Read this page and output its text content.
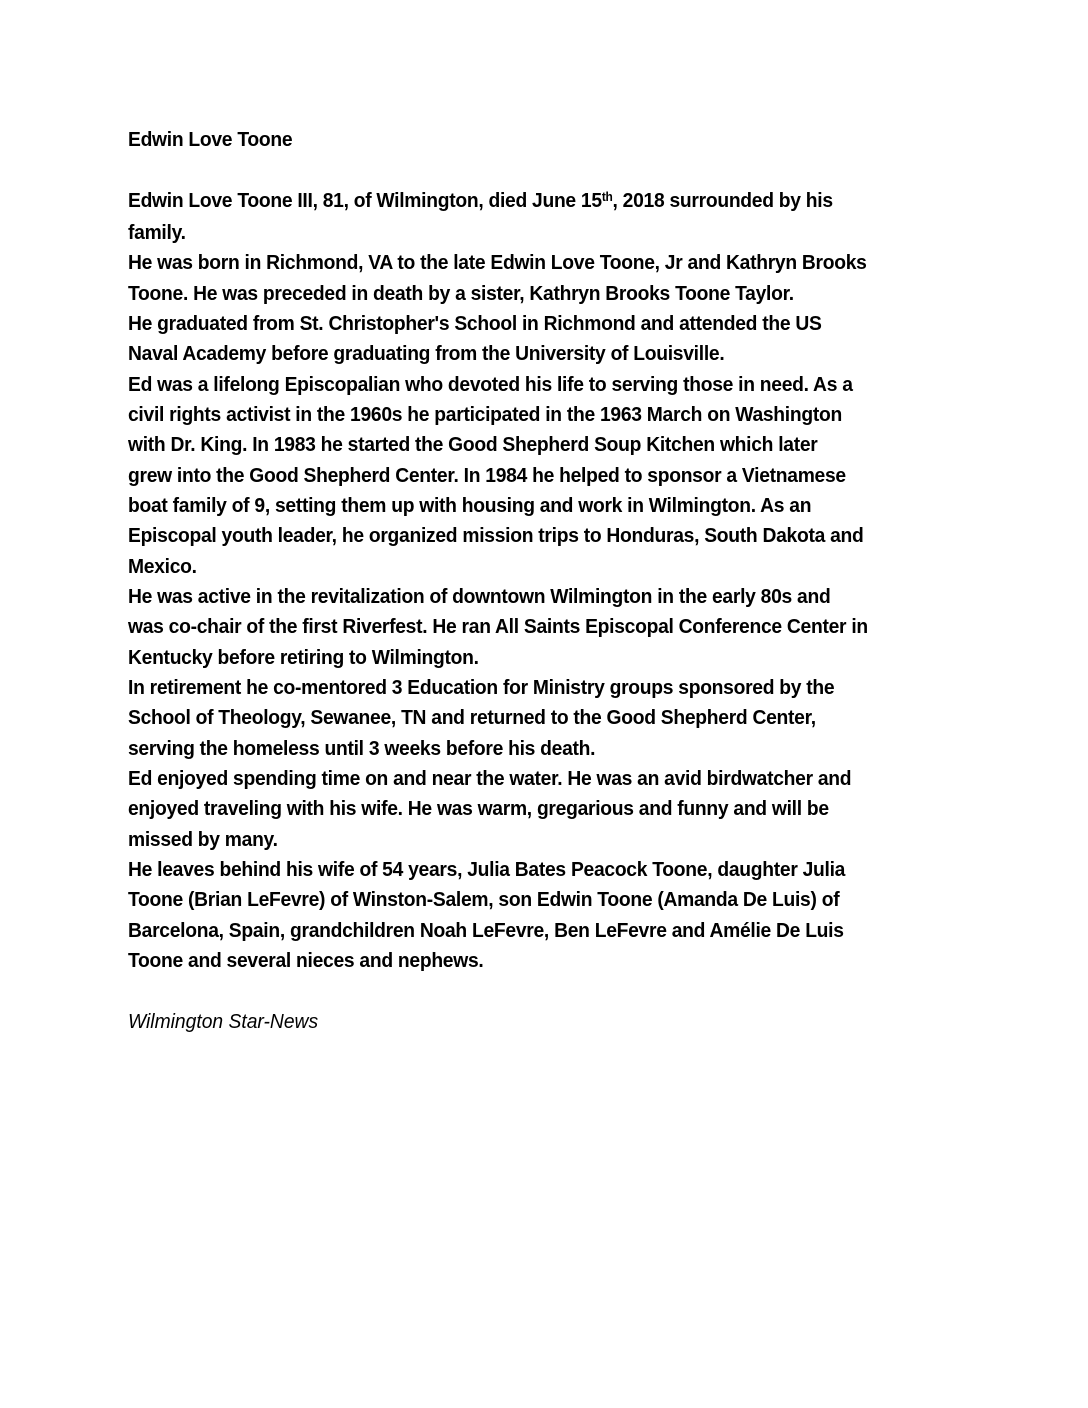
Edwin Love Toone
Edwin Love Toone III, 81, of Wilmington, died June 15th, 2018 surrounded by his
family.
He was born in Richmond, VA to the late Edwin Love Toone, Jr and Kathryn Brooks
Toone. He was preceded in death by a sister, Kathryn Brooks Toone Taylor.
He graduated from St. Christopher's School in Richmond and attended the US
Naval Academy before graduating from the University of Louisville.
Ed was a lifelong Episcopalian who devoted his life to serving those in need. As a
civil rights activist in the 1960s he participated in the 1963 March on Washington
with Dr. King. In 1983 he started the Good Shepherd Soup Kitchen which later
grew into the Good Shepherd Center. In 1984 he helped to sponsor a Vietnamese
boat family of 9, setting them up with housing and work in Wilmington. As an
Episcopal youth leader, he organized mission trips to Honduras, South Dakota and
Mexico.
He was active in the revitalization of downtown Wilmington in the early 80s and
was co-chair of the first Riverfest. He ran All Saints Episcopal Conference Center in
Kentucky before retiring to Wilmington.
In retirement he co-mentored 3 Education for Ministry groups sponsored by the
School of Theology, Sewanee, TN and returned to the Good Shepherd Center,
serving the homeless until 3 weeks before his death.
Ed enjoyed spending time on and near the water. He was an avid birdwatcher and
enjoyed traveling with his wife. He was warm, gregarious and funny and will be
missed by many.
He leaves behind his wife of 54 years, Julia Bates Peacock Toone, daughter Julia
Toone (Brian LeFevre) of Winston-Salem, son Edwin Toone (Amanda De Luis) of
Barcelona, Spain, grandchildren Noah LeFevre, Ben LeFevre and Amélie De Luis
Toone and several nieces and nephews.

Wilmington Star-News
